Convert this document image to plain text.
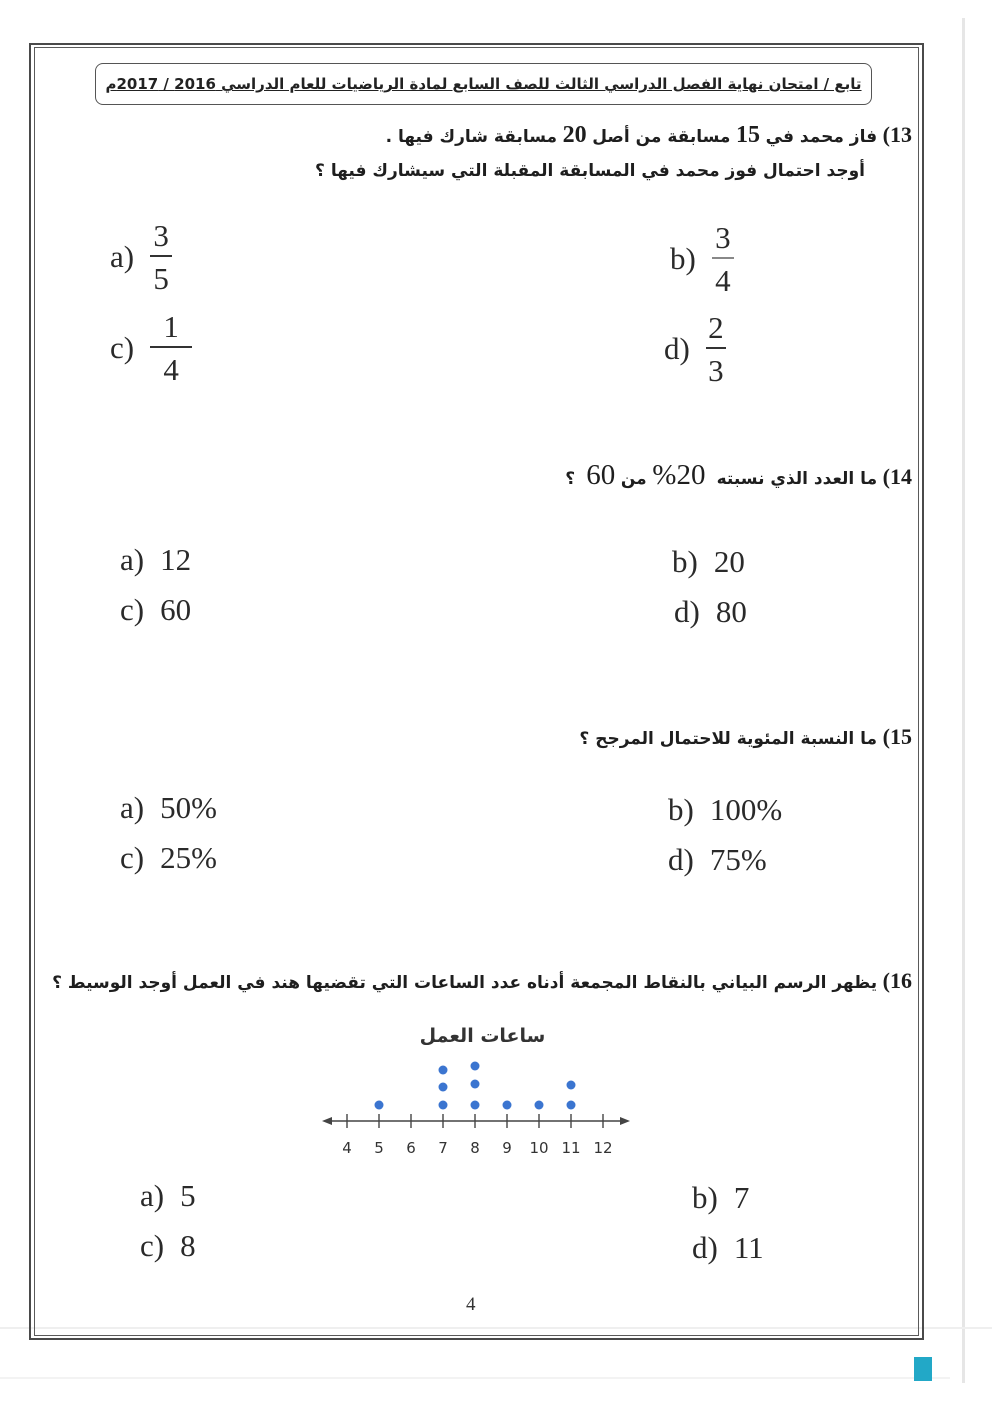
تابع / امتحان نهاية الفصل الدراسي الثالث للصف السابع لمادة الرياضيات للعام الدراسي 2016 / 2017م
13) فاز محمد في 15 مسابقة من أصل 20 مسابقة شارك فيها .
أوجد احتمال فوز محمد في المسابقة المقبلة التي سيشارك فيها ؟
$a) \frac{3}{5}$	$b) \frac{3}{4}$
$c) \frac{1}{4}$	$d) \frac{2}{3}$
14) ما العدد الذي نسبته  20% من 60  ؟
a) 12	b) 20
c) 60	d) 80
15) ما النسبة المئوية للاحتمال المرجح ؟
a) 50%	b) 100%
c) 25%	d) 75%
16) يظهر الرسم البياني بالنقاط المجمعة أدناه عدد الساعات التي تقضيها هند في العمل أوجد الوسيط ؟
ساعات العمل
4 5 6 7 8 9 10 11 12
a) 5	b) 7
c) 8	d) 11
4
